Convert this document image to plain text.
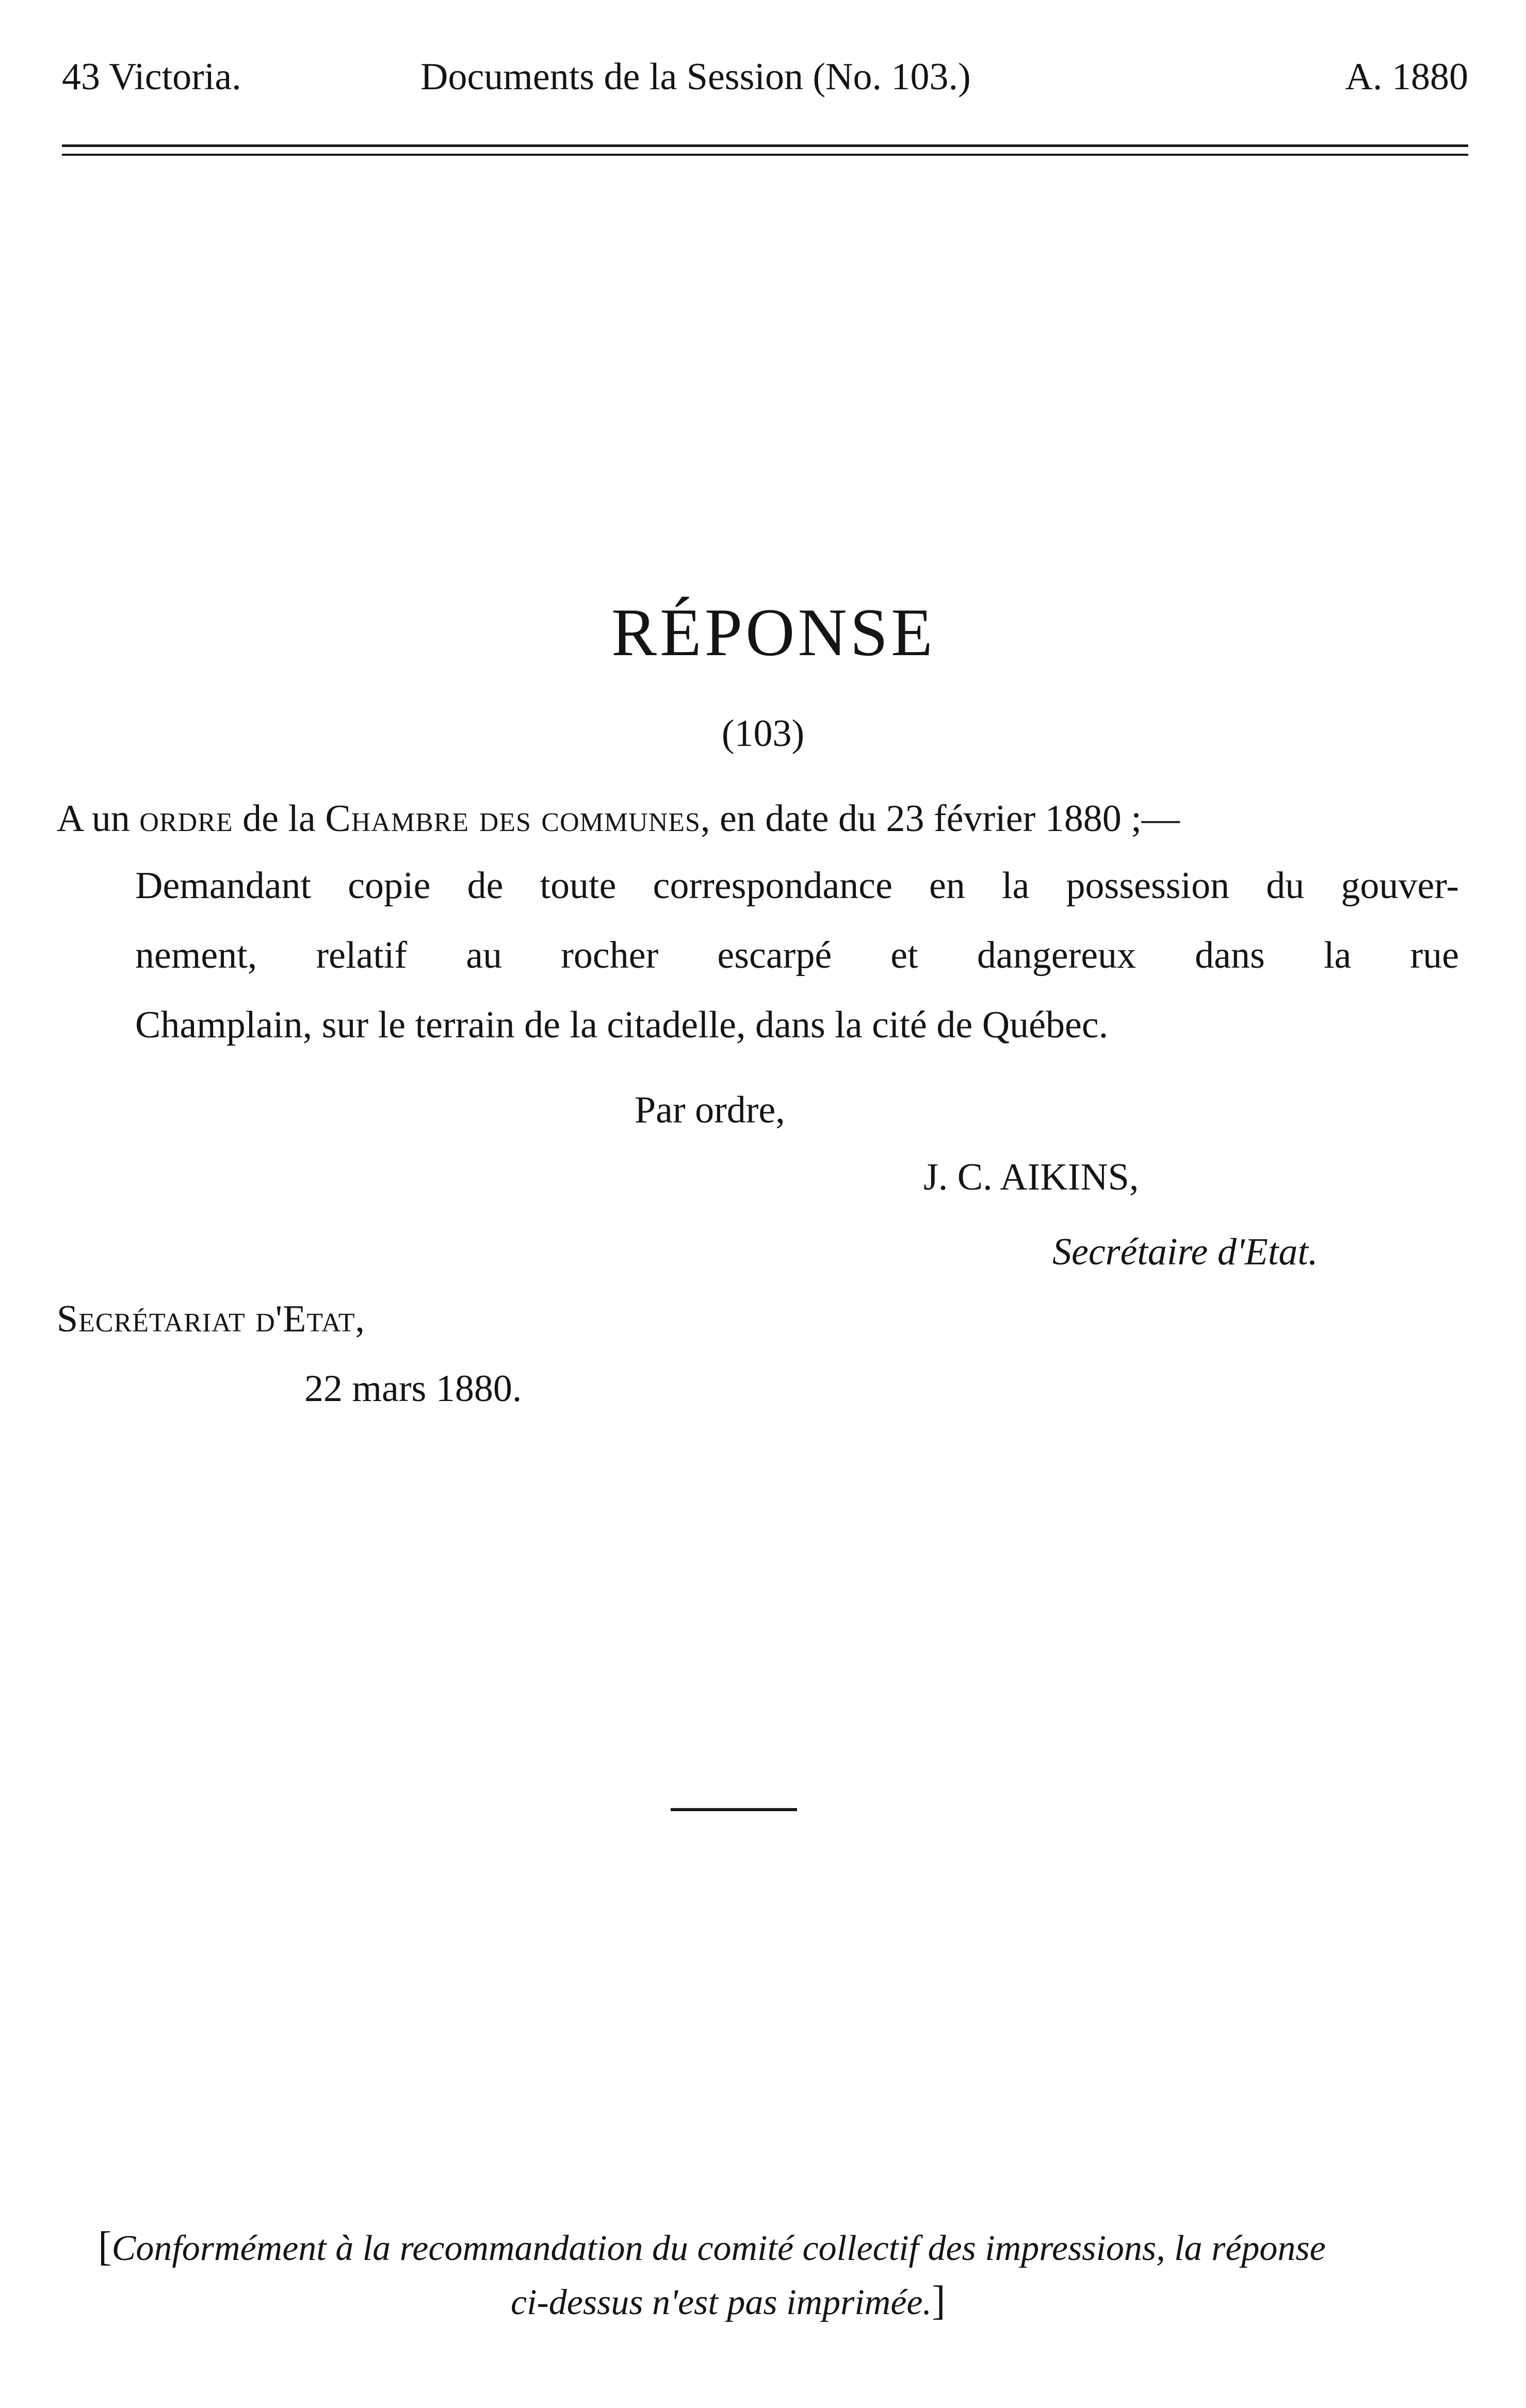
43 Victoria.	Documents de la Session (No. 103.)	A. 1880
RÉPONSE
(103)
A un ordre de la Chambre des communes, en date du 23 février 1880 ;—
Demandant copie de toute correspondance en la possession du gouver-
nement, relatif au rocher escarpé et dangereux dans la rue
Champlain, sur le terrain de la citadelle, dans la cité de Québec.
Par ordre,
J. C. AIKINS,
Secrétaire d'Etat.
Secrétariat d'Etat,
22 mars 1880.
[Conformément à la recommandation du comité collectif des impressions, la réponse
ci-dessus n'est pas imprimée.]
